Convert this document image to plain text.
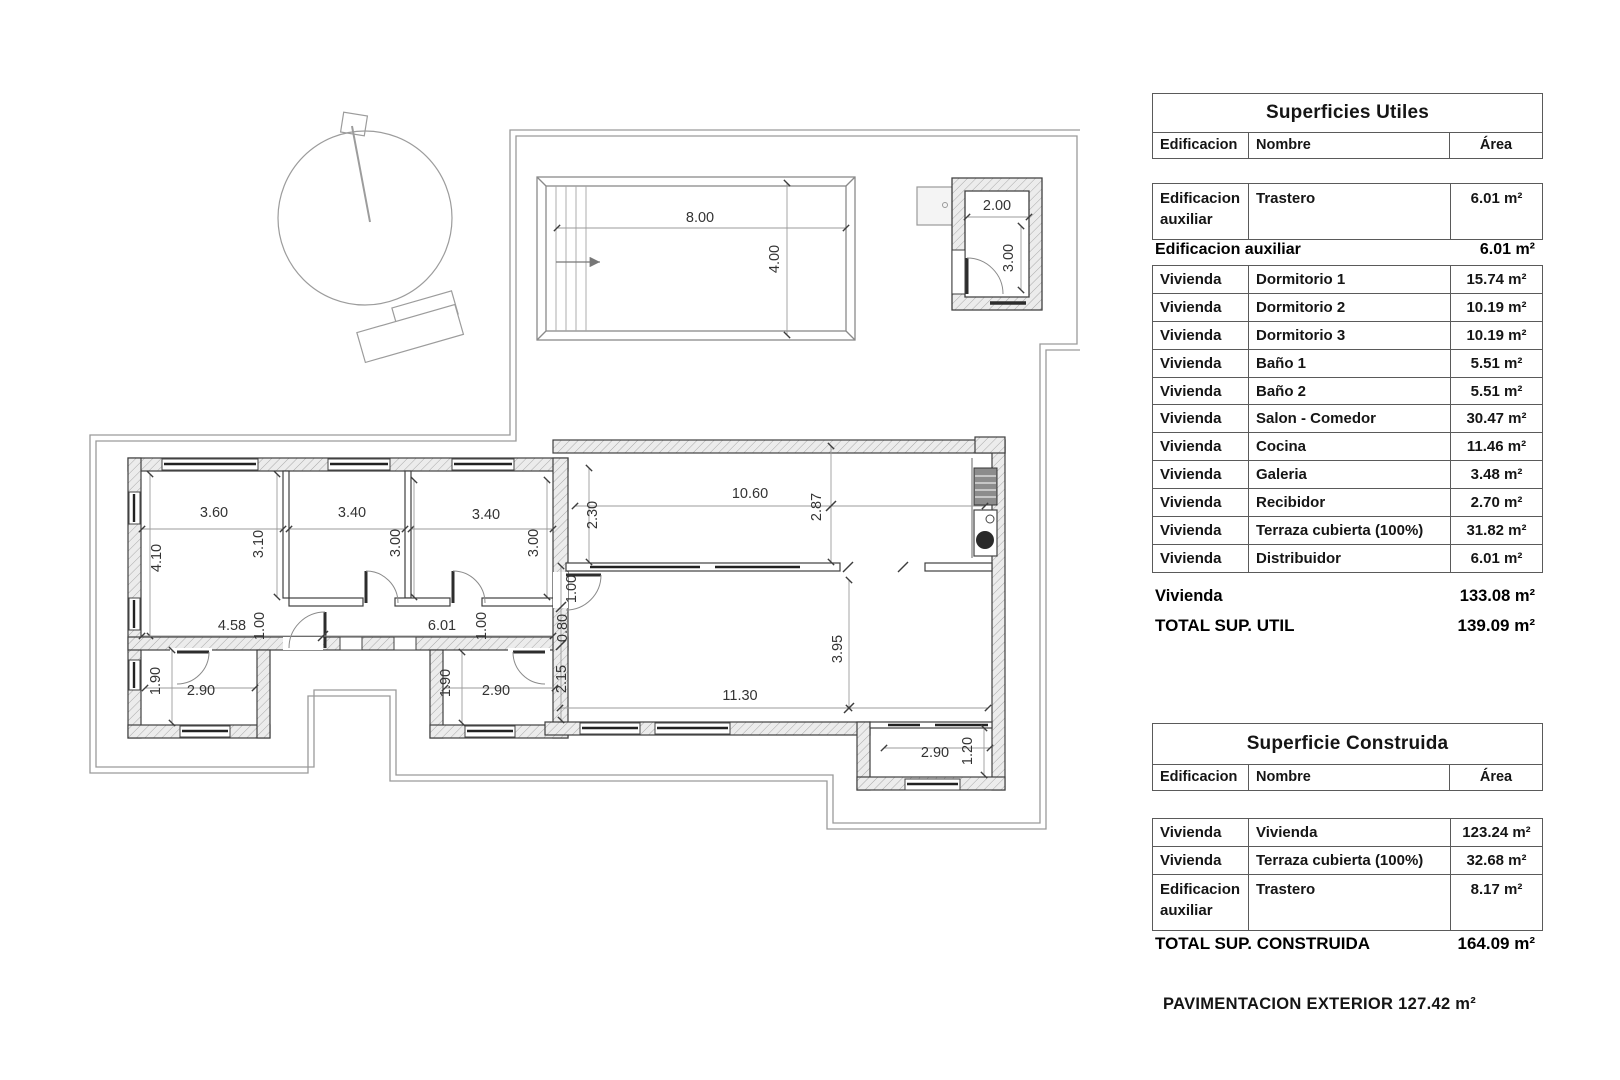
8.00
4.00
2.00
3.00
3.60	3.40	3.40
4.10	3.10	3.00	3.00
2.30
10.60	2.87
4.58 1.00	6.01 1.00
1.00
0.80
2.15
1.90 2.90	1.90 2.90
3.95
11.30
2.90 1.20
Superficies Utiles
Edificacion	Nombre	Área
Edificacion auxiliar	Trastero	6.01 m²
Edificacion auxiliar	6.01 m²
Vivienda	Dormitorio 1	15.74 m²
Vivienda	Dormitorio 2	10.19 m²
Vivienda	Dormitorio 3	10.19 m²
Vivienda	Baño 1	5.51 m²
Vivienda	Baño 2	5.51 m²
Vivienda	Salon - Comedor	30.47 m²
Vivienda	Cocina	11.46 m²
Vivienda	Galeria	3.48 m²
Vivienda	Recibidor	2.70 m²
Vivienda	Terraza cubierta (100%)	31.82 m²
Vivienda	Distribuidor	6.01 m²
Vivienda	133.08 m²
TOTAL SUP. UTIL	139.09 m²
Superficie Construida
Edificacion	Nombre	Área
Vivienda	Vivienda	123.24 m²
Vivienda	Terraza cubierta (100%)	32.68 m²
Edificacion auxiliar	Trastero	8.17 m²
TOTAL SUP. CONSTRUIDA	164.09 m²
PAVIMENTACION EXTERIOR 127.42 m²
